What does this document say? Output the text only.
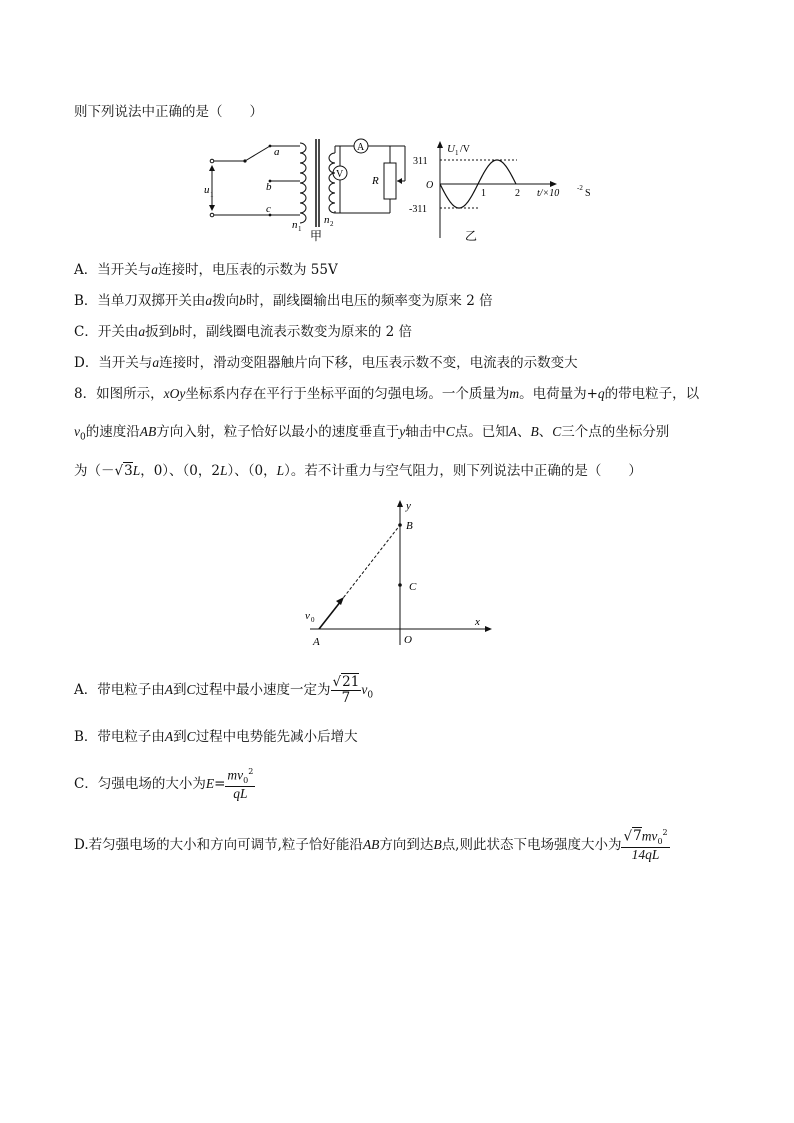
则下列说法中正确的是（　　）
a
b
c
u 1
n 1
n 2
A
V
R
甲
U 1 /V
311
-311
O
1	2 t/×10	-2 S
乙
A．当开关与a连接时，电压表的示数为 55V
B．当单刀双掷开关由a拨向b时，副线圈输出电压的频率变为原来 2 倍
C．开关由a扳到b时，副线圈电流表示数变为原来的 2 倍
D．当开关与a连接时，滑动变阻器触片向下移，电压表示数不变，电流表的示数变大
8．如图所示，xOy坐标系内存在平行于坐标平面的匀强电场。一个质量为m。电荷量为+q的带电粒子，以
$v_0$的速度沿AB方向入射，粒子恰好以最小的速度垂直于y轴击中C点。已知A、B、C三个点的坐标分别
为（－√3L，0）、（0，2L）、（0，L）。若不计重力与空气阻力，则下列说法中正确的是（　　）
y
x
B
C
O
A
v 0
A．带电粒子由A到C过程中最小速度一定为 $\frac{√21}{7} v_0$
B．带电粒子由A到C过程中电势能先减小后增大
C．匀强电场的大小为$E= \frac{mv_0^2}{qL}$
D.若匀强电场的大小和方向可调节,粒子恰好能沿AB方向到达B点,则此状态下电场强度大小为 $\frac{√7mv_0^2}{14qL}$
